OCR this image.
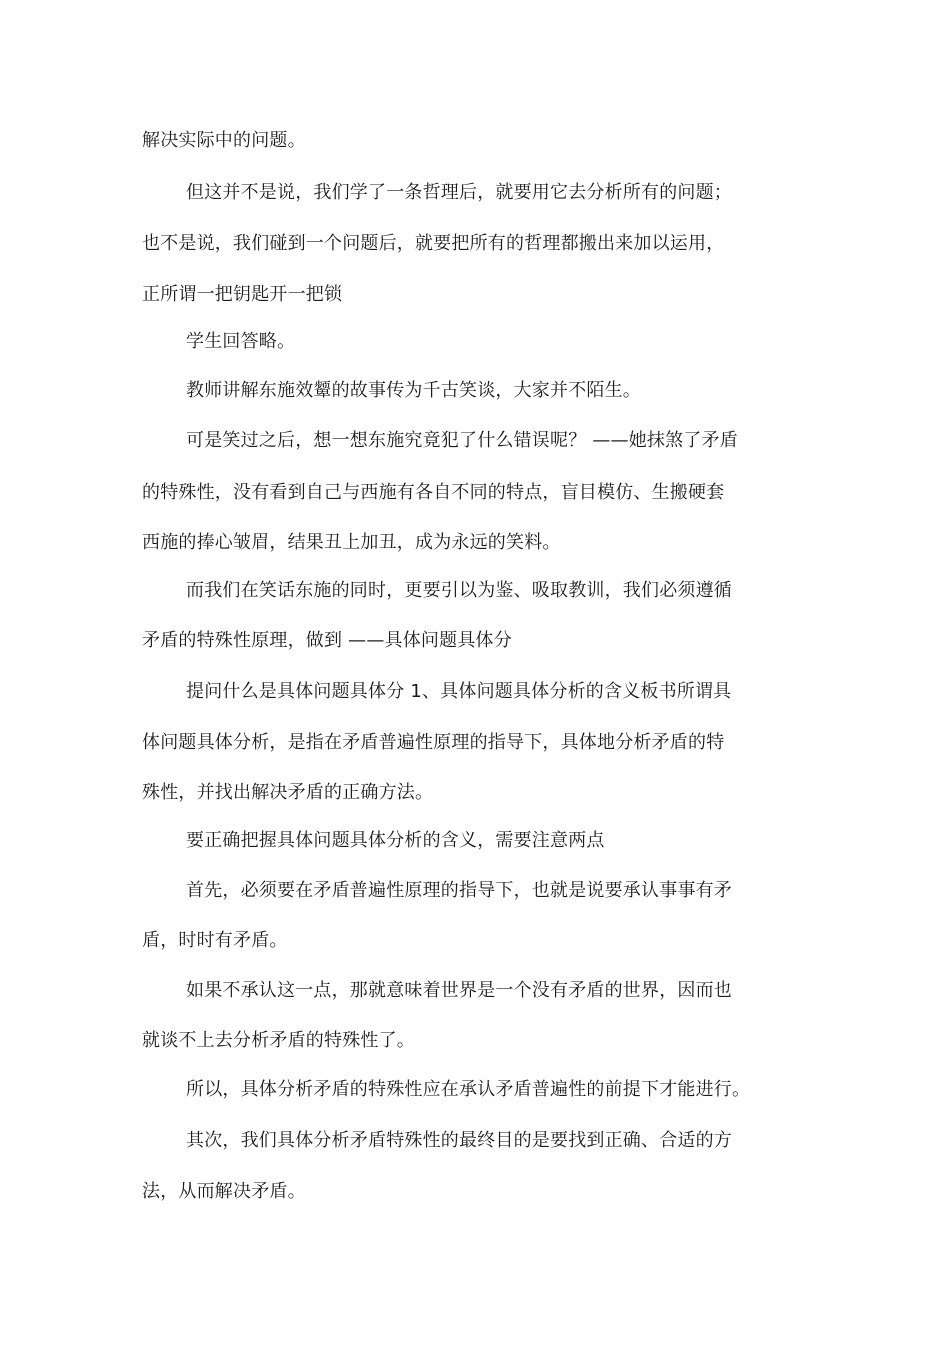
解决实际中的问题。
但这并不是说，我们学了一条哲理后，就要用它去分析所有的问题；
也不是说，我们碰到一个问题后，就要把所有的哲理都搬出来加以运用，
正所谓一把钥匙开一把锁
学生回答略。
教师讲解东施效颦的故事传为千古笑谈，大家并不陌生。
可是笑过之后，想一想东施究竟犯了什么错误呢？ ——她抹煞了矛盾
的特殊性，没有看到自己与西施有各自不同的特点，盲目模仿、生搬硬套
西施的捧心皱眉，结果丑上加丑，成为永远的笑料。
而我们在笑话东施的同时，更要引以为鉴、吸取教训，我们必须遵循
矛盾的特殊性原理，做到 ——具体问题具体分
提问什么是具体问题具体分 1、具体问题具体分析的含义板书所谓具
体问题具体分析，是指在矛盾普遍性原理的指导下，具体地分析矛盾的特
殊性，并找出解决矛盾的正确方法。
要正确把握具体问题具体分析的含义，需要注意两点
首先，必须要在矛盾普遍性原理的指导下，也就是说要承认事事有矛
盾，时时有矛盾。
如果不承认这一点，那就意味着世界是一个没有矛盾的世界，因而也
就谈不上去分析矛盾的特殊性了。
所以，具体分析矛盾的特殊性应在承认矛盾普遍性的前提下才能进行。
其次，我们具体分析矛盾特殊性的最终目的是要找到正确、合适的方
法，从而解决矛盾。
